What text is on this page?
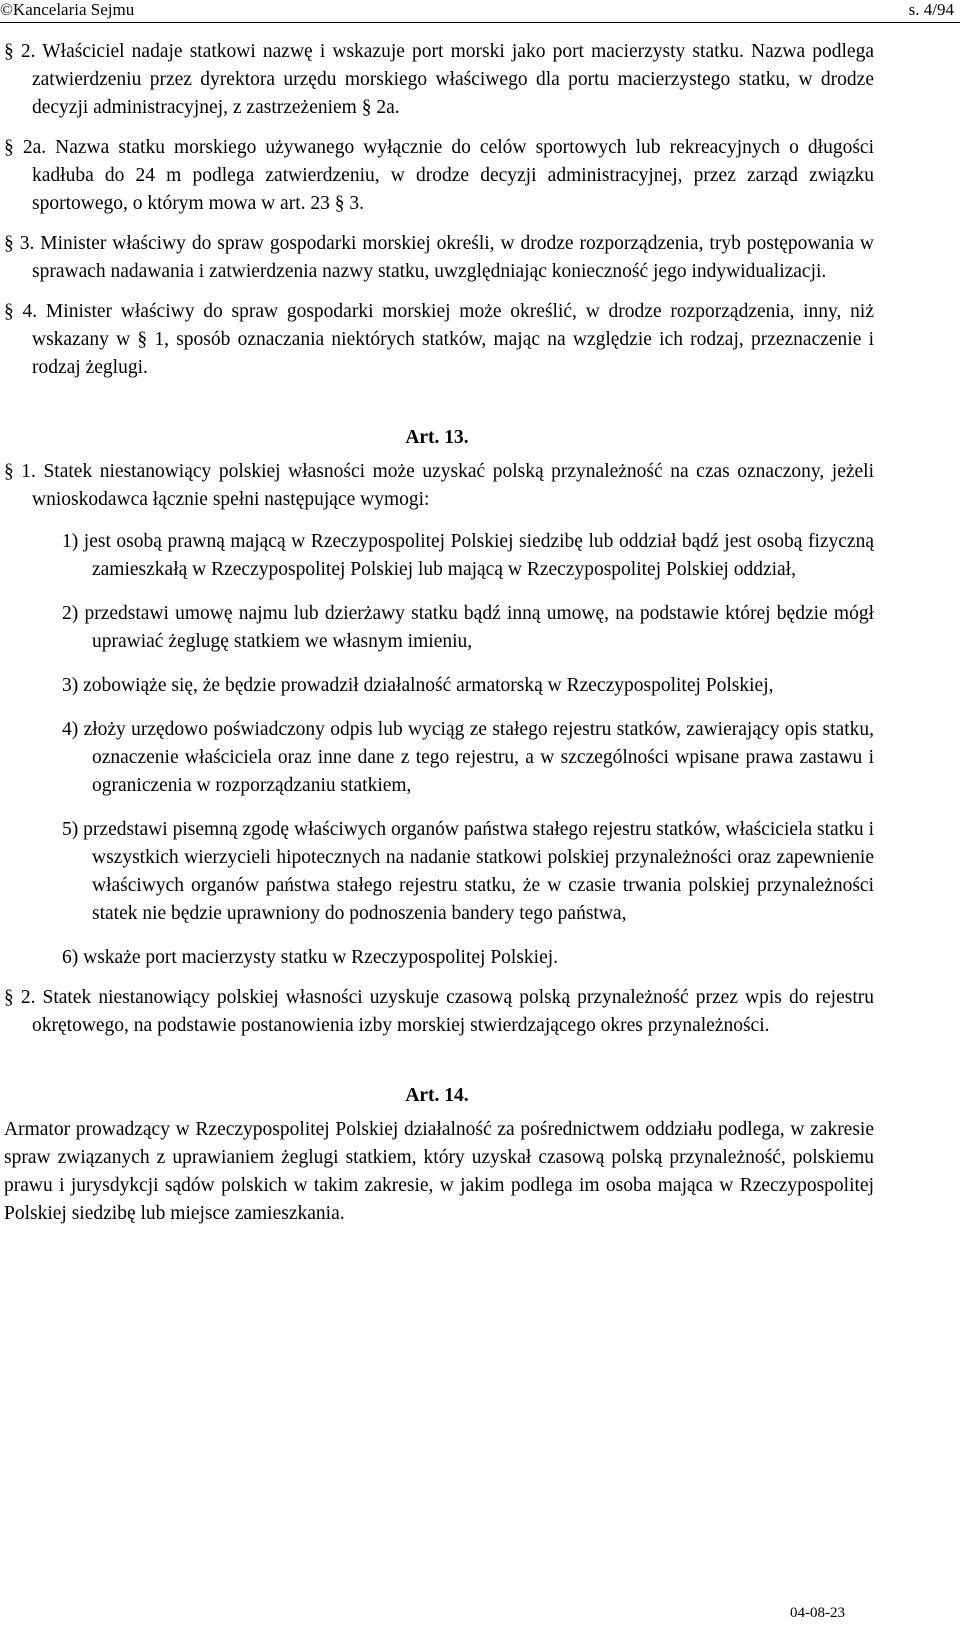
©Kancelaria Sejmu	s. 4/94

§ 2. Właściciel nadaje statkowi nazwę i wskazuje port morski jako port macierzysty statku. Nazwa podlega zatwierdzeniu przez dyrektora urzędu morskiego właściwego dla portu macierzystego statku, w drodze decyzji administracyjnej, z zastrzeżeniem § 2a.

§ 2a. Nazwa statku morskiego używanego wyłącznie do celów sportowych lub rekreacyjnych o długości kadłuba do 24 m podlega zatwierdzeniu, w drodze decyzji administracyjnej, przez zarząd związku sportowego, o którym mowa w art. 23 § 3.

§ 3. Minister właściwy do spraw gospodarki morskiej określi, w drodze rozporządzenia, tryb postępowania w sprawach nadawania i zatwierdzenia nazwy statku, uwzględniając konieczność jego indywidualizacji.

§ 4. Minister właściwy do spraw gospodarki morskiej może określić, w drodze rozporządzenia, inny, niż wskazany w § 1, sposób oznaczania niektórych statków, mając na względzie ich rodzaj, przeznaczenie i rodzaj żeglugi.

Art. 13.

§ 1. Statek niestanowiący polskiej własności może uzyskać polską przynależność na czas oznaczony, jeżeli wnioskodawca łącznie spełni następujące wymogi:

1) jest osobą prawną mającą w Rzeczypospolitej Polskiej siedzibę lub oddział bądź jest osobą fizyczną zamieszkałą w Rzeczypospolitej Polskiej lub mającą w Rzeczypospolitej Polskiej oddział,

2) przedstawi umowę najmu lub dzierżawy statku bądź inną umowę, na podstawie której będzie mógł uprawiać żeglugę statkiem we własnym imieniu,

3) zobowiąże się, że będzie prowadził działalność armatorską w Rzeczypospolitej Polskiej,

4) złoży urzędowo poświadczony odpis lub wyciąg ze stałego rejestru statków, zawierający opis statku, oznaczenie właściciela oraz inne dane z tego rejestru, a w szczególności wpisane prawa zastawu i ograniczenia w rozporządzaniu statkiem,

5) przedstawi pisemną zgodę właściwych organów państwa stałego rejestru statków, właściciela statku i wszystkich wierzycieli hipotecznych na nadanie statkowi polskiej przynależności oraz zapewnienie właściwych organów państwa stałego rejestru statku, że w czasie trwania polskiej przynależności statek nie będzie uprawniony do podnoszenia bandery tego państwa,

6) wskaże port macierzysty statku w Rzeczypospolitej Polskiej.

§ 2. Statek niestanowiący polskiej własności uzyskuje czasową polską przynależność przez wpis do rejestru okrętowego, na podstawie postanowienia izby morskiej stwierdzającego okres przynależności.

Art. 14.

Armator prowadzący w Rzeczypospolitej Polskiej działalność za pośrednictwem oddziału podlega, w zakresie spraw związanych z uprawianiem żeglugi statkiem, który uzyskał czasową polską przynależność, polskiemu prawu i jurysdykcji sądów polskich w takim zakresie, w jakim podlega im osoba mająca w Rzeczypospolitej Polskiej siedzibę lub miejsce zamieszkania.

04-08-23
